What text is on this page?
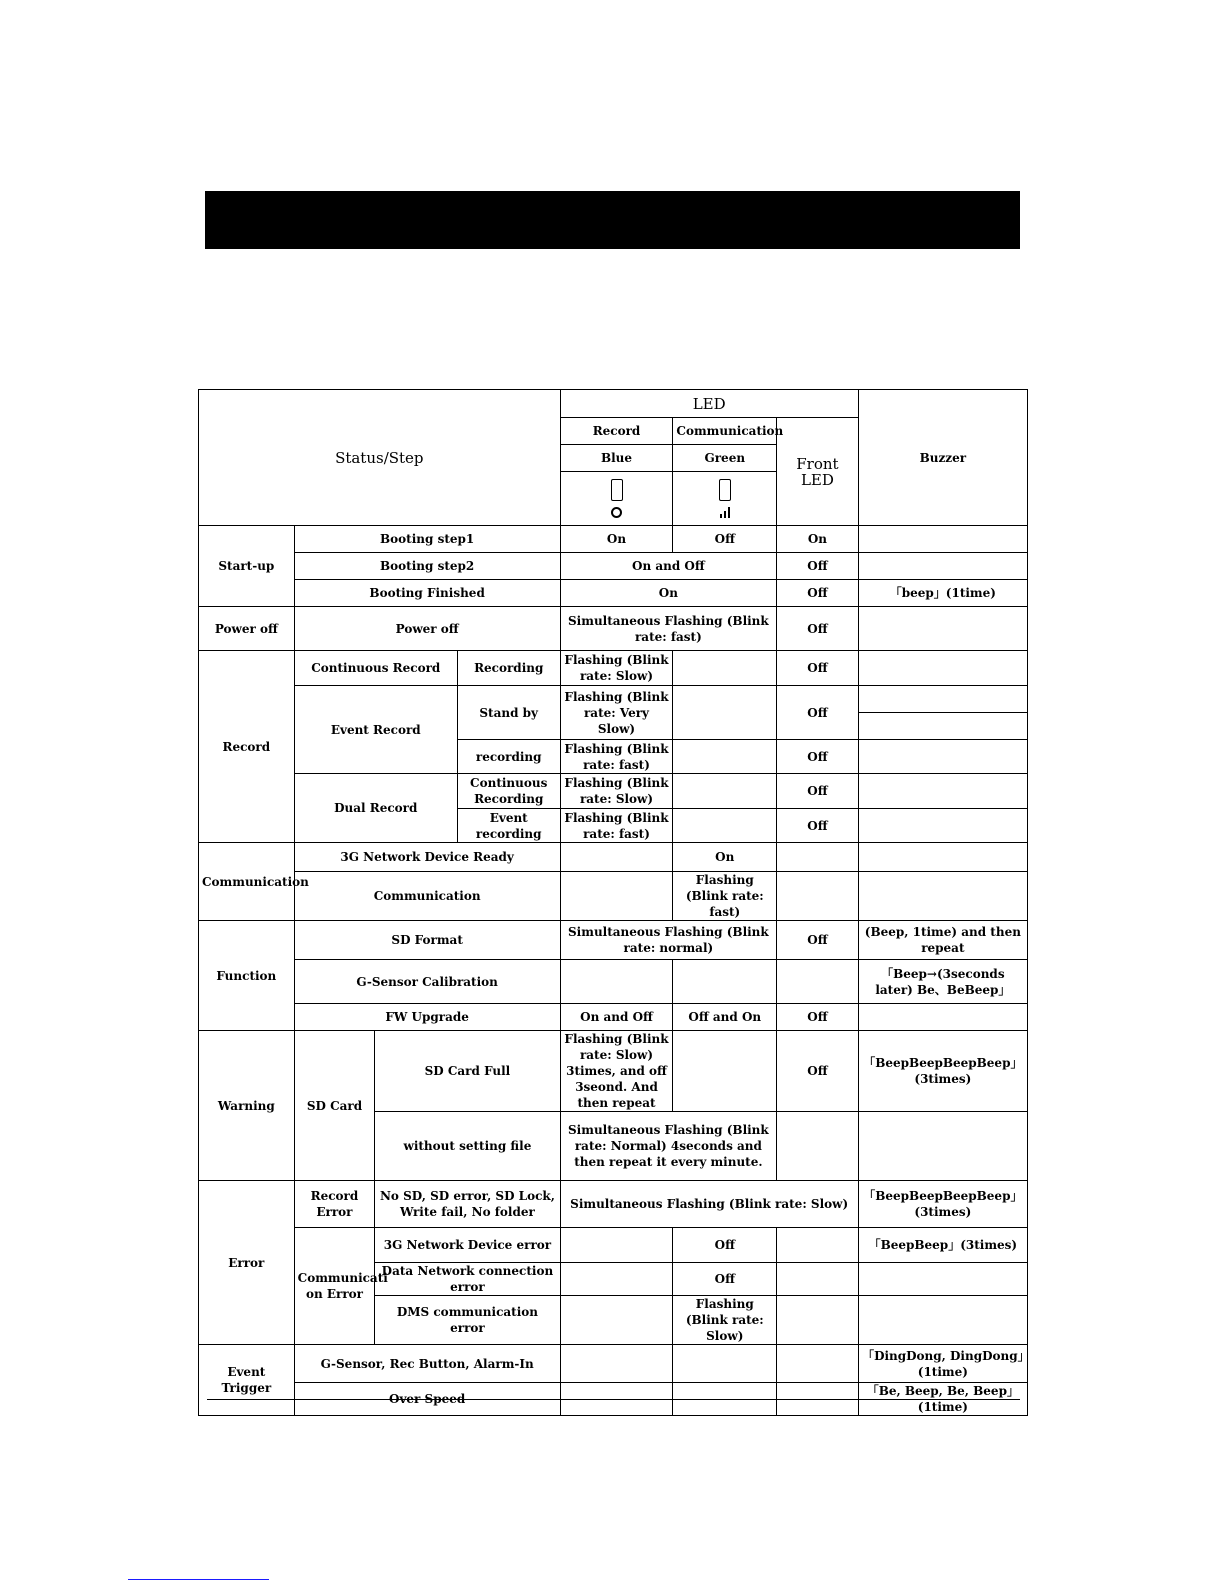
Status/Step				LED			Buzzer
				Record	Communication	Front LED	
				Blue	Green		

Start-up	Booting step1			On	Off	On	
	Booting step2			On and Off		Off	
	Booting Finished			On		Off	「beep」(1time)
Power off	Power off			Simultaneous Flashing (Blink rate: fast)		Off	
Record	Continuous Record		Recording	Flashing (Blink rate: Slow)		Off	
	Event Record		Stand by	Flashing (Blink rate: Very Slow)		Off	

			recording	Flashing (Blink rate: fast)		Off	
	Dual Record		Continuous Recording	Flashing (Blink rate: Slow)		Off	
			Event recording	Flashing (Blink rate: fast)		Off	

Communication	3G Network Device Ready				On		
	Communication				Flashing (Blink rate: fast)		
Function	SD Format			Simultaneous Flashing (Blink rate: normal)		Off	(Beep, 1time) and then repeat
	G-Sensor Calibration						「Beep→(3seconds later) Be、BeBeep」
	FW Upgrade			On and Off	Off and On	Off	
Warning	SD Card	SD Card Full		Flashing (Blink rate: Slow) 3times, and off 3seond. And then repeat		Off	「BeepBeepBeepBeep」(3times)
		without setting file		Simultaneous Flashing (Blink rate: Normal) 4seconds and then repeat it every minute.			
Error	Record Error	No SD, SD error, SD Lock, Write fail, No folder		Simultaneous Flashing (Blink rate: Slow)			「BeepBeepBeepBeep」(3times)
	Communicati on Error	3G Network Device error			Off		「BeepBeep」(3times)
		Data Network connection error			Off		
		DMS communication error			Flashing (Blink rate: Slow)		
Event Trigger	G-Sensor, Rec Button, Alarm-In						「DingDong, DingDong」(1time)
	Over Speed						「Be, Beep, Be, Beep」(1time)
